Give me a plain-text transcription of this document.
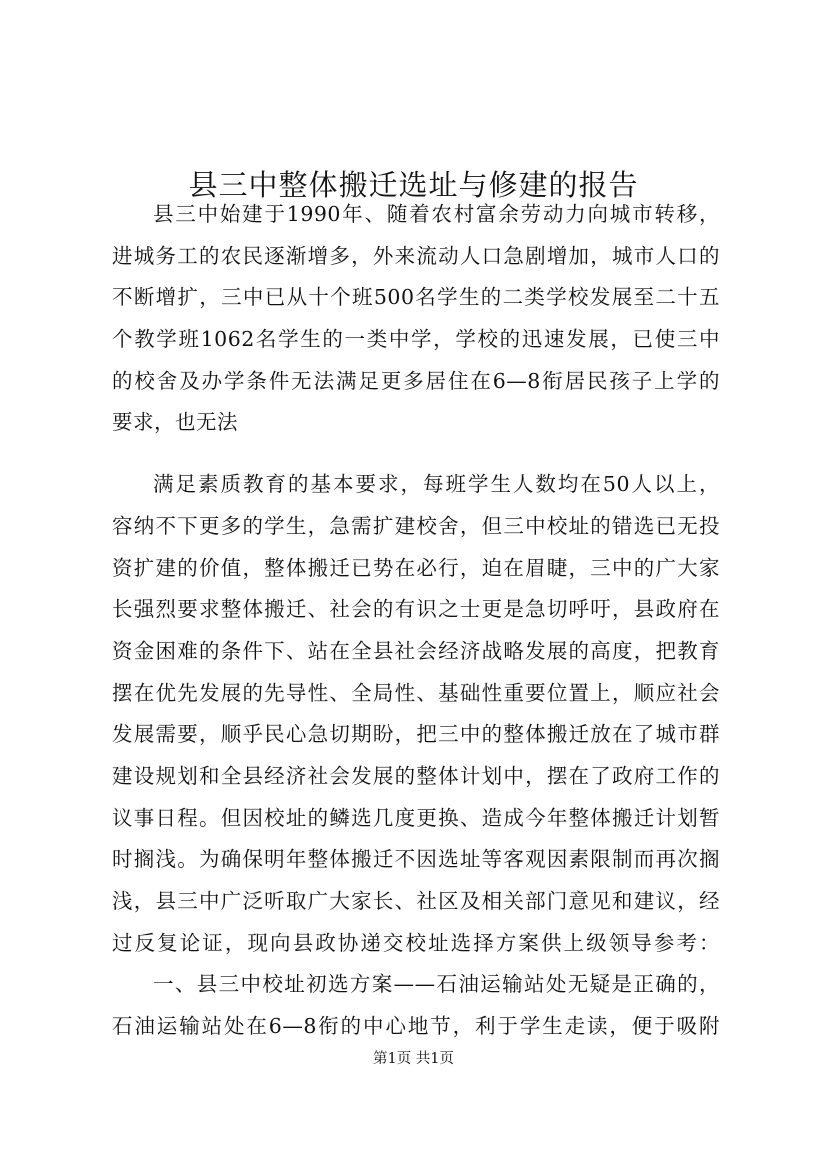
县三中整体搬迁选址与修建的报告
县三中始建于1990年、随着农村富余劳动力向城市转移，
进城务工的农民逐渐增多，外来流动人口急剧增加，城市人口的
不断增扩，三中已从十个班500名学生的二类学校发展至二十五
个教学班1062名学生的一类中学，学校的迅速发展，已使三中
的校舍及办学条件无法满足更多居住在6—8衔居民孩子上学的
要求，也无法
满足素质教育的基本要求，每班学生人数均在50人以上，
容纳不下更多的学生，急需扩建校舍，但三中校址的错选已无投
资扩建的价值，整体搬迁已势在必行，迫在眉睫，三中的广大家
长强烈要求整体搬迁、社会的有识之士更是急切呼吁，县政府在
资金困难的条件下、站在全县社会经济战略发展的高度，把教育
摆在优先发展的先导性、全局性、基础性重要位置上，顺应社会
发展需要，顺乎民心急切期盼，把三中的整体搬迁放在了城市群
建设规划和全县经济社会发展的整体计划中，摆在了政府工作的
议事日程。但因校址的鳞选几度更换、造成今年整体搬迁计划暂
时搁浅。为确保明年整体搬迁不因选址等客观因素限制而再次搁
浅，县三中广泛听取广大家长、社区及相关部门意见和建议，经
过反复论证，现向县政协递交校址选择方案供上级领导参考：
一、县三中校址初选方案——石油运输站处无疑是正确的，
石油运输站处在6—8衔的中心地节，利于学生走读，便于吸附
第1页 共1页
